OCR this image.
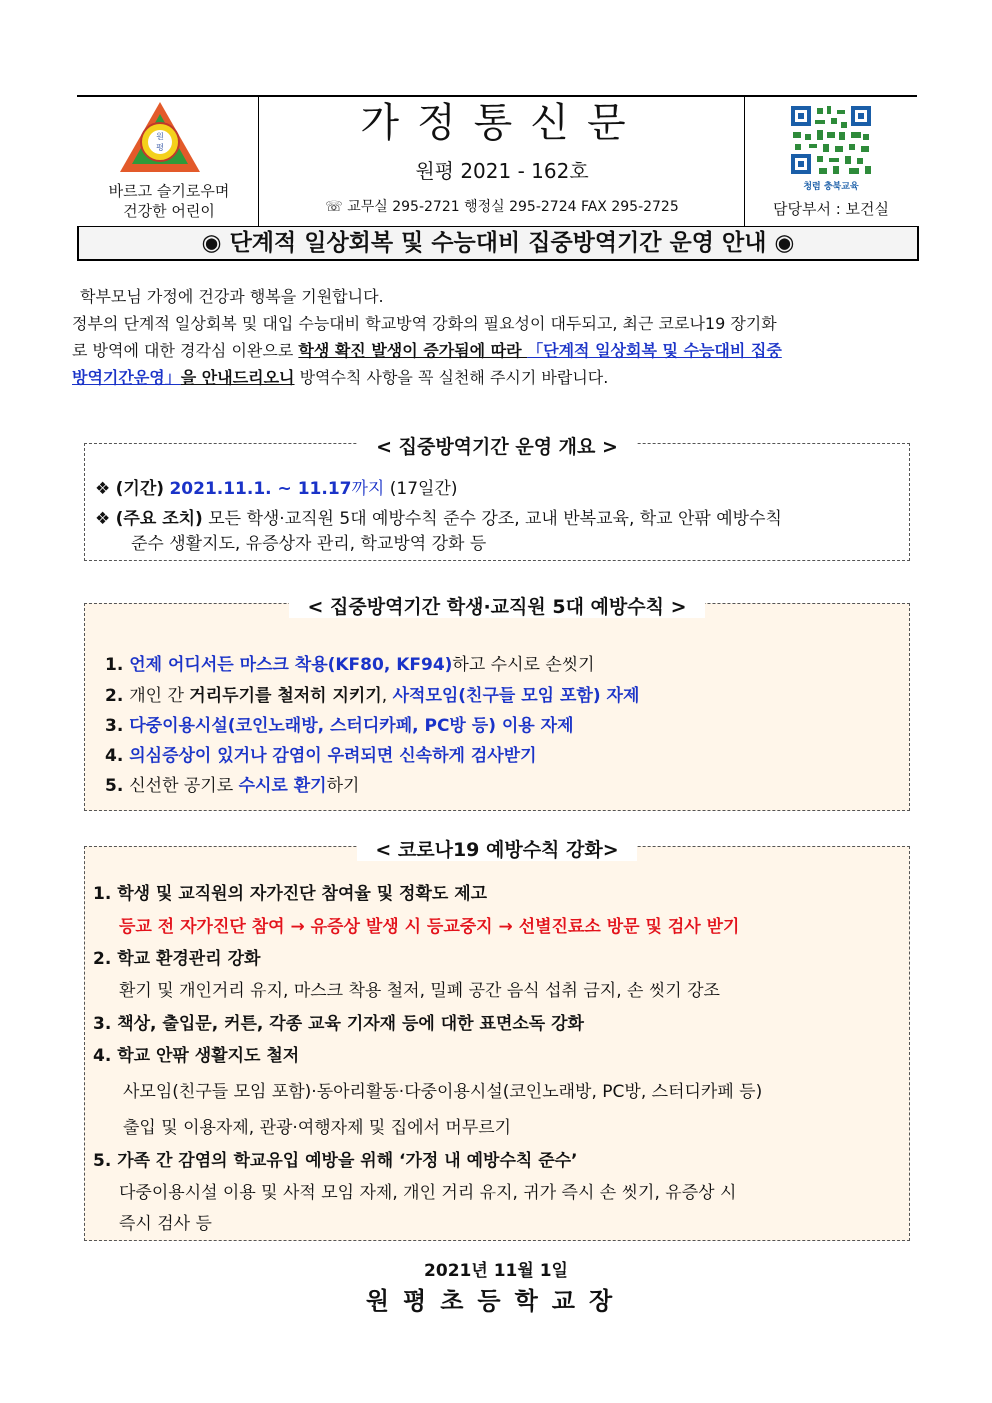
원
평
바르고 슬기로우며
건강한 어린이
가정통신문
원평 2021 - 162호
☏ 교무실 295-2721 행정실 295-2724 FAX 295-2725
청렴 충북교육
담당부서 : 보건실
◉ 단계적 일상회복 및 수능대비 집중방역기간 운영 안내 ◉

학부모님 가정에 건강과 행복을 기원합니다.

정부의 단계적 일상회복 및 대입 수능대비 학교방역 강화의 필요성이 대두되고, 최근 코로나19 장기화

로 방역에 대한 경각심 이완으로 학생 확진 발생이 증가됨에 따라 「단계적 일상회복 및 수능대비 집중

방역기간운영」을 안내드리오니 방역수칙 사항을 꼭 실천해 주시기 바랍니다.

< 집중방역기간 운영 개요 >
❖ (기간) 2021.11.1. ~ 11.17까지 (17일간)
❖ (주요 조치) 모든 학생·교직원 5대 예방수칙 준수 강조, 교내 반복교육, 학교 안팎 예방수칙
준수 생활지도, 유증상자 관리, 학교방역 강화 등
< 집중방역기간 학생·교직원 5대 예방수칙 >
1. 언제 어디서든 마스크 착용(KF80, KF94)하고 수시로 손씻기
2. 개인 간 거리두기를 철저히 지키기, 사적모임(친구들 모임 포함) 자제
3. 다중이용시설(코인노래방, 스터디카페, PC방 등) 이용 자제
4. 의심증상이 있거나 감염이 우려되면 신속하게 검사받기
5. 신선한 공기로 수시로 환기하기
< 코로나19 예방수칙 강화>
1. 학생 및 교직원의 자가진단 참여율 및 정확도 제고
등교 전 자가진단 참여 → 유증상 발생 시 등교중지 → 선별진료소 방문 및 검사 받기
2. 학교 환경관리 강화
환기 및 개인거리 유지, 마스크 착용 철저, 밀폐 공간 음식 섭취 금지, 손 씻기 강조
3. 책상, 출입문, 커튼, 각종 교육 기자재 등에 대한 표면소독 강화
4. 학교 안팎 생활지도 철저
사모임(친구들 모임 포함)·동아리활동·다중이용시설(코인노래방, PC방, 스터디카페 등)
출입 및 이용자제, 관광·여행자제 및 집에서 머무르기
5. 가족 간 감염의 학교유입 예방을 위해 ‘가정 내 예방수칙 준수’
다중이용시설 이용 및 사적 모임 자제, 개인 거리 유지, 귀가 즉시 손 씻기, 유증상 시
즉시 검사 등
2021년 11월 1일
원평초등학교장
